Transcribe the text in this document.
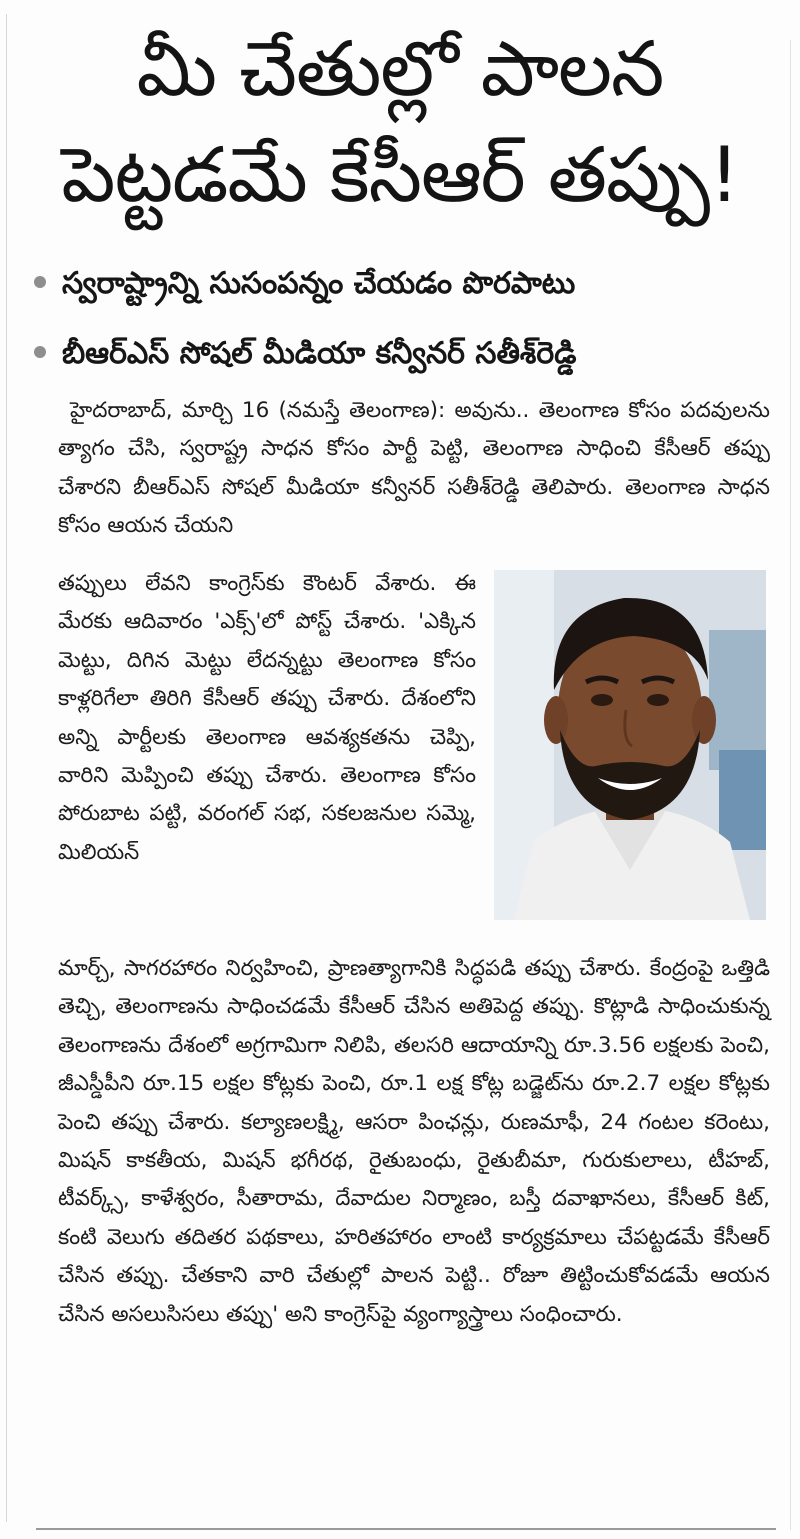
మీ చేతుల్లో పాలన
పెట్టడమే కేసీఆర్ తప్పు!
స్వరాష్ట్రాన్ని సుసంపన్నం చేయడం పొరపాటు
బీఆర్ఎస్ సోషల్ మీడియా కన్వీనర్ సతీశ్‌రెడ్డి

హైదరాబాద్, మార్చి 16 (నమస్తే తెలంగాణ): అవును.. తెలంగాణ కోసం పదవులను త్యాగం చేసి, స్వరాష్ట్ర సాధన కోసం పార్టీ పెట్టి, తెలంగాణ సాధించి కేసీఆర్ తప్పు చేశారని బీఆర్ఎస్ సోషల్ మీడియా కన్వీనర్ సతీశ్‌రెడ్డి తెలిపారు. తెలంగాణ సాధన కోసం ఆయన చేయని

తప్పులు లేవని కాంగ్రెస్‌కు కౌంటర్ వేశారు. ఈ మేరకు ఆదివారం 'ఎక్స్'లో పోస్ట్ చేశారు. 'ఎక్కిన మెట్టు, దిగిన మెట్టు లేదన్నట్టు తెలంగాణ కోసం కాళ్లరిగేలా తిరిగి కేసీఆర్ తప్పు చేశారు. దేశంలోని అన్ని పార్టీలకు తెలంగాణ ఆవశ్యకతను చెప్పి, వారిని మెప్పించి తప్పు చేశారు. తెలంగాణ కోసం పోరుబాట పట్టి, వరంగల్ సభ, సకలజనుల సమ్మె, మిలియన్

మార్చ్, సాగరహారం నిర్వహించి, ప్రాణత్యాగానికి సిద్ధపడి తప్పు చేశారు. కేంద్రంపై ఒత్తిడి తెచ్చి, తెలంగాణను సాధించడమే కేసీఆర్ చేసిన అతిపెద్ద తప్పు. కొట్లాడి సాధించుకున్న తెలంగాణను దేశంలో అగ్రగామిగా నిలిపి, తలసరి ఆదాయాన్ని రూ.3.56 లక్షలకు పెంచి, జీఎస్డీపీని రూ.15 లక్షల కోట్లకు పెంచి, రూ.1 లక్ష కోట్ల బడ్జెట్‌ను రూ.2.7 లక్షల కోట్లకు పెంచి తప్పు చేశారు. కల్యాణలక్ష్మి, ఆసరా పింఛన్లు, రుణమాఫీ, 24 గంటల కరెంటు, మిషన్ కాకతీయ, మిషన్ భగీరథ, రైతుబంధు, రైతుబీమా, గురుకులాలు, టీహబ్, టీవర్క్స్, కాళేశ్వరం, సీతారామ, దేవాదుల నిర్మాణం, బస్తీ దవాఖానలు, కేసీఆర్ కిట్, కంటి వెలుగు తదితర పథకాలు, హరితహారం లాంటి కార్యక్రమాలు చేపట్టడమే కేసీఆర్ చేసిన తప్పు. చేతకాని వారి చేతుల్లో పాలన పెట్టి.. రోజూ తిట్టించుకోవడమే ఆయన చేసిన అసలుసిసలు తప్పు' అని కాంగ్రెస్‌పై వ్యంగ్యాస్త్రాలు సంధించారు.
